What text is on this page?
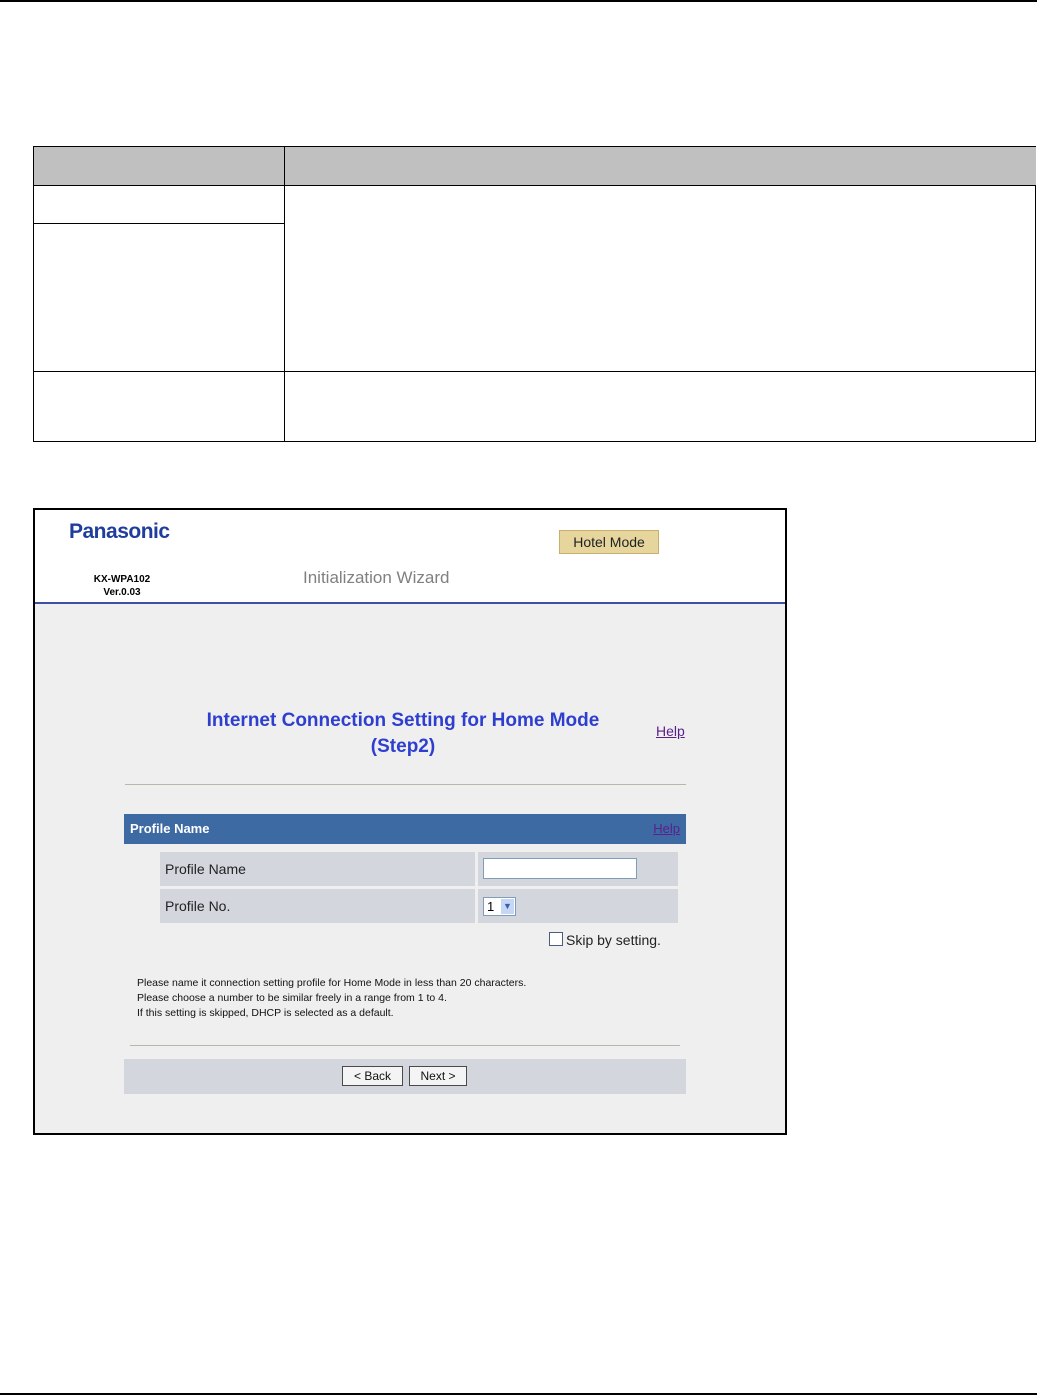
Panasonic
KX-WPA102
Ver.0.03
Hotel Mode
Initialization Wizard
Internet Connection Setting for Home Mode
(Step2)
Help
Profile Name	Help
Profile Name
Profile No.	1 ▼
Skip by setting.
Please name it connection setting profile for Home Mode in less than 20 characters.
Please choose a number to be similar freely in a range from 1 to 4.
If this setting is skipped, DHCP is selected as a default.
< Back	Next >
